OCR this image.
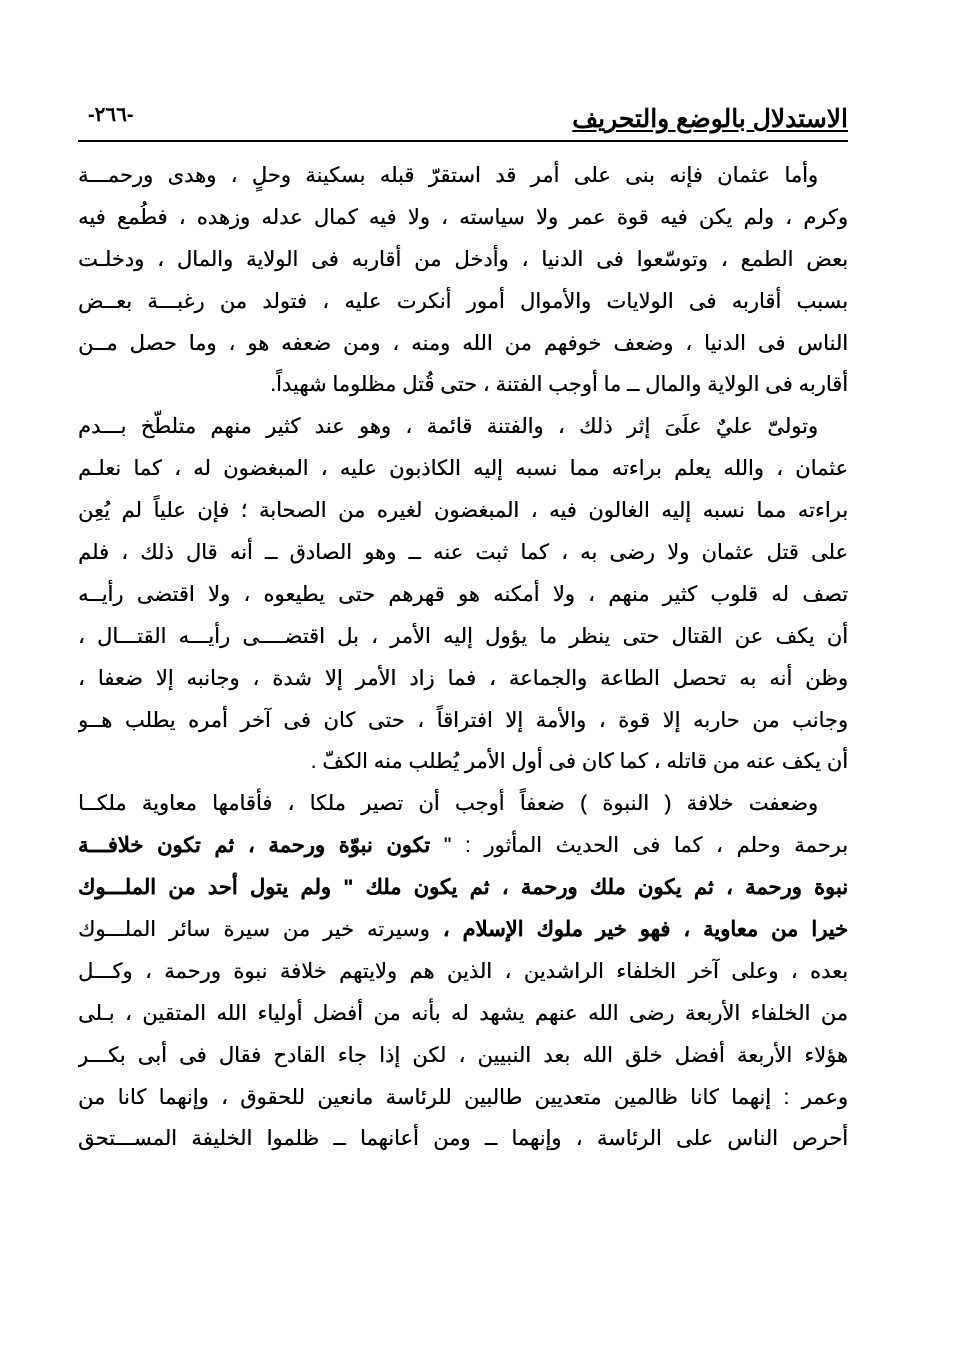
الاستدلال بالوضع والتحريف
-٢٦٦-
وأما عثمان فإنه بنى على أمر قد استقرّ قبله بسكينة وحلٍ ، وهدى ورحمـــة
وكرم ، ولم يكن فيه قوة عمر ولا سياسته ، ولا فيه كمال عدله وزهده ، فطُمع فيه
بعض الطمع ، وتوسّعوا فى الدنيا ، وأدخل من أقاربه فى الولاية والمال ، ودخلـت
بسبب أقاربه فى الولايات والأموال أمور أنكرت عليه ، فتولد من رغبـــة بعــض
الناس فى الدنيا ، وضعف خوفهم من الله ومنه ، ومن ضعفه هو ، وما حصل مــن
أقاربه فى الولاية والمال ــ ما أوجب الفتنة ، حتى قُتل مظلوما شهيداً.
وتولىّ عليٌ علَىَ إثر ذلك ، والفتنة قائمة ، وهو عند كثير منهم متلطّخ بـــدم
عثمان ، والله يعلم براءته مما نسبه إليه الكاذبون عليه ، المبغضون له ، كما نعلـم
براءته مما نسبه إليه الغالون فيه ، المبغضون لغيره من الصحابة ؛ فإن علياً لم يُعِن
على قتل عثمان ولا رضى به ، كما ثبت عنه ــ وهو الصادق ــ أنه قال ذلك ، فلم
تصف له قلوب كثير منهم ، ولا أمكنه هو قهرهم حتى يطيعوه ، ولا اقتضى رأيــه
أن يكف عن القتال حتى ينظر ما يؤول إليه الأمر ، بل اقتضــــى رأيـــه القتـــال ،
وظن أنه به تحصل الطاعة والجماعة ، فما زاد الأمر إلا شدة ، وجانبه إلا ضعفا ،
وجانب من حاربه إلا قوة ، والأمة إلا افتراقاً ، حتى كان فى آخر أمره يطلب هــو
أن يكف عنه من قاتله ، كما كان فى أول الأمر يُطلب منه الكفّ .
وضعفت خلافة ( النبوة ) ضعفاً أوجب أن تصير ملكا ، فأقامها معاوية ملكــا
برحمة وحلم ، كما فى الحديث المأثور : " تكون نبوّة ورحمة ، ثم تكون خلافـــة
نبوة ورحمة ، ثم يكون ملك ورحمة ، ثم يكون ملك " ولم يتول أحد من الملـــوك
خيرا من معاوية ، فهو خير ملوك الإسلام ، وسيرته خير من سيرة سائر الملـــوك
بعده ، وعلى آخر الخلفاء الراشدين ، الذين هم ولايتهم خلافة نبوة ورحمة ، وكـــل
من الخلفاء الأربعة رضى الله عنهم يشهد له بأنه من أفضل أولياء الله المتقين ، بـلى
هؤلاء الأربعة أفضل خلق الله بعد النبيين ، لكن إذا جاء القادح فقال فى أبى بكـــر
وعمر : إنهما كانا ظالمين متعديين طالبين للرئاسة مانعين للحقوق ، وإنهما كانا من
أحرص الناس على الرئاسة ، وإنهما ــ ومن أعانهما ــ ظلموا الخليفة المســـتحق
